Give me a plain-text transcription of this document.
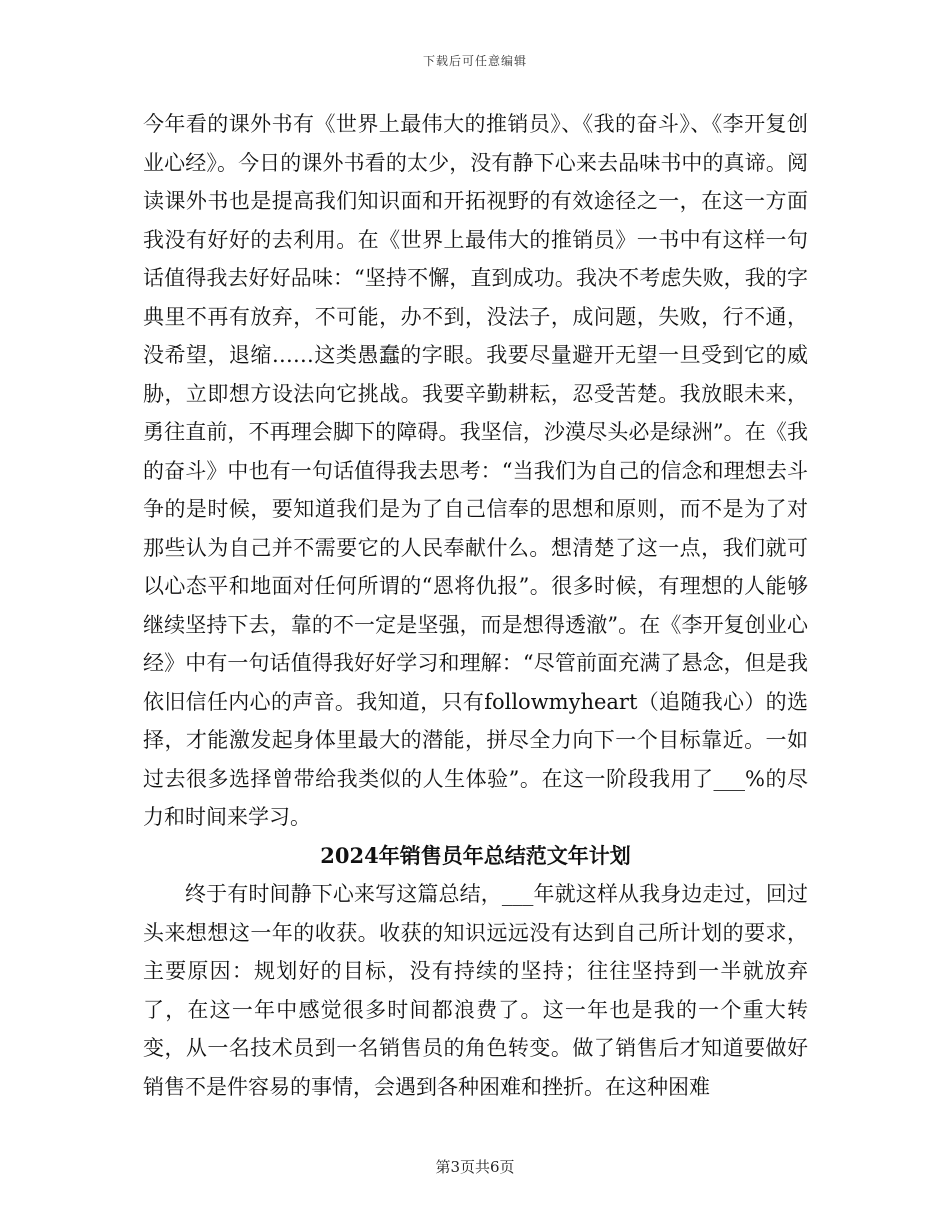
下载后可任意编辑

今年看的课外书有《世界上最伟大的推销员》、《我的奋斗》、《李开复创业心经》。今日的课外书看的太少，没有静下心来去品味书中的真谛。阅读课外书也是提高我们知识面和开拓视野的有效途径之一，在这一方面我没有好好的去利用。在《世界上最伟大的推销员》一书中有这样一句话值得我去好好品味：“坚持不懈，直到成功。我决不考虑失败，我的字典里不再有放弃，不可能，办不到，没法子，成问题，失败，行不通，没希望，退缩……这类愚蠢的字眼。我要尽量避开无望一旦受到它的威胁，立即想方设法向它挑战。我要辛勤耕耘，忍受苦楚。我放眼未来，勇往直前，不再理会脚下的障碍。我坚信，沙漠尽头必是绿洲”。在《我的奋斗》中也有一句话值得我去思考：“当我们为自己的信念和理想去斗争的是时候，要知道我们是为了自己信奉的思想和原则，而不是为了对那些认为自己并不需要它的人民奉献什么。想清楚了这一点，我们就可以心态平和地面对任何所谓的“恩将仇报”。很多时候，有理想的人能够继续坚持下去，靠的不一定是坚强，而是想得透澈”。在《李开复创业心经》中有一句话值得我好好学习和理解：“尽管前面充满了悬念，但是我依旧信任内心的声音。我知道，只有followmyheart（追随我心）的选择，才能激发起身体里最大的潜能，拼尽全力向下一个目标靠近。一如过去很多选择曾带给我类似的人生体验”。在这一阶段我用了___%的尽力和时间来学习。

2024年销售员年总结范文年计划

终于有时间静下心来写这篇总结，___年就这样从我身边走过，回过头来想想这一年的收获。收获的知识远远没有达到自己所计划的要求，主要原因：规划好的目标，没有持续的坚持；往往坚持到一半就放弃了，在这一年中感觉很多时间都浪费了。这一年也是我的一个重大转变，从一名技术员到一名销售员的角色转变。做了销售后才知道要做好销售不是件容易的事情，会遇到各种困难和挫折。在这种困难

第3页共6页
